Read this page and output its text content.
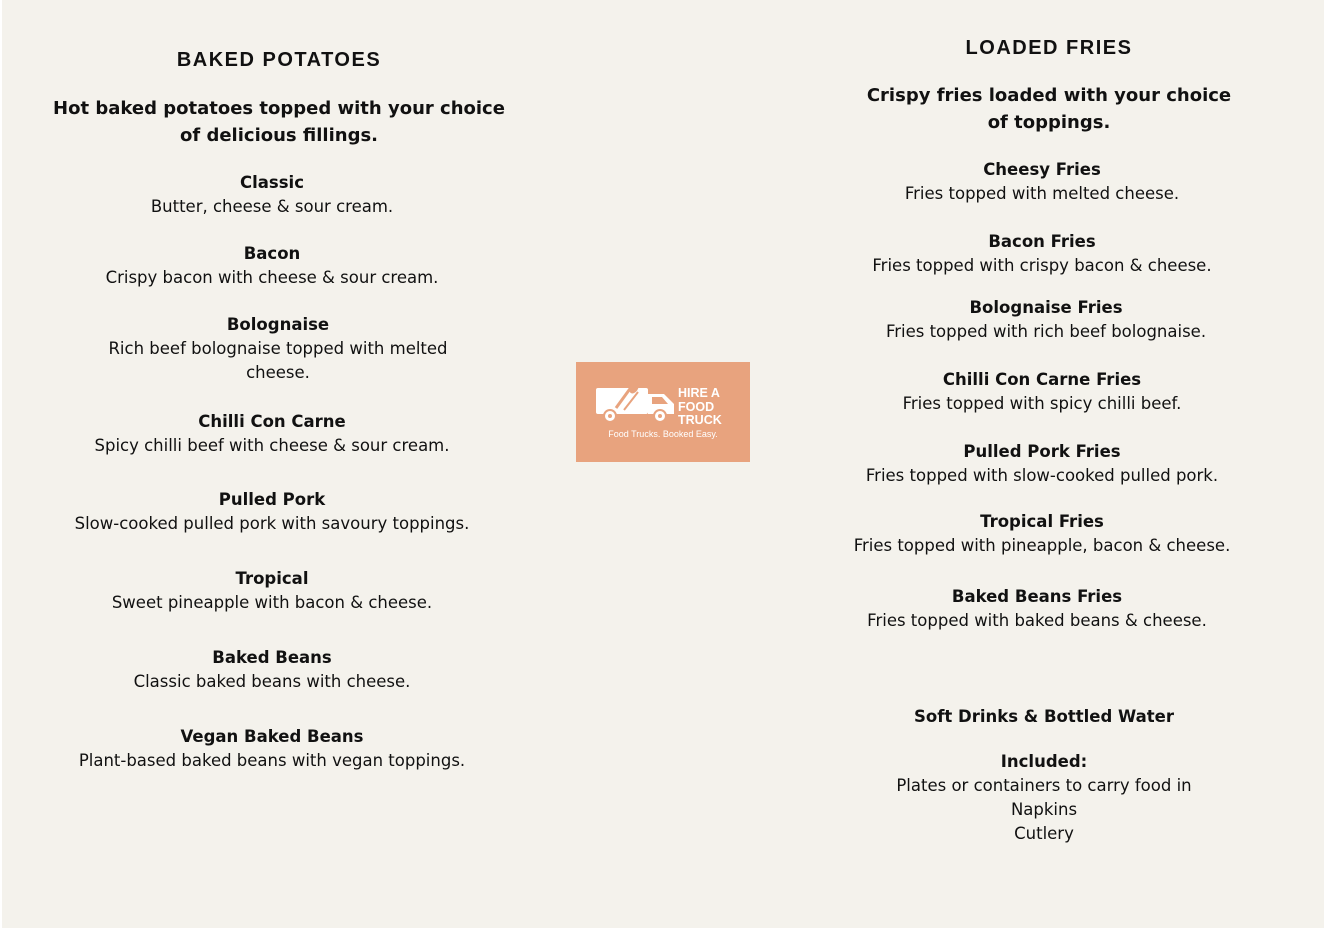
BAKED POTATOES
Hot baked potatoes topped with your choice of delicious fillings.
Classic
Butter, cheese & sour cream.
Bacon
Crispy bacon with cheese & sour cream.
Bolognaise
Rich beef bolognaise topped with melted cheese.
Chilli Con Carne
Spicy chilli beef with cheese & sour cream.
Pulled Pork
Slow-cooked pulled pork with savoury toppings.
Tropical
Sweet pineapple with bacon & cheese.
Baked Beans
Classic baked beans with cheese.
Vegan Baked Beans
Plant-based baked beans with vegan toppings.
HIRE A
FOOD
TRUCK
Food Trucks. Booked Easy.
LOADED FRIES
Crispy fries loaded with your choice of toppings.
Cheesy Fries
Fries topped with melted cheese.
Bacon Fries
Fries topped with crispy bacon & cheese.
Bolognaise Fries
Fries topped with rich beef bolognaise.
Chilli Con Carne Fries
Fries topped with spicy chilli beef.
Pulled Pork Fries
Fries topped with slow-cooked pulled pork.
Tropical Fries
Fries topped with pineapple, bacon & cheese.
Baked Beans Fries
Fries topped with baked beans & cheese.
Soft Drinks & Bottled Water
Included:
Plates or containers to carry food in
Napkins
Cutlery
